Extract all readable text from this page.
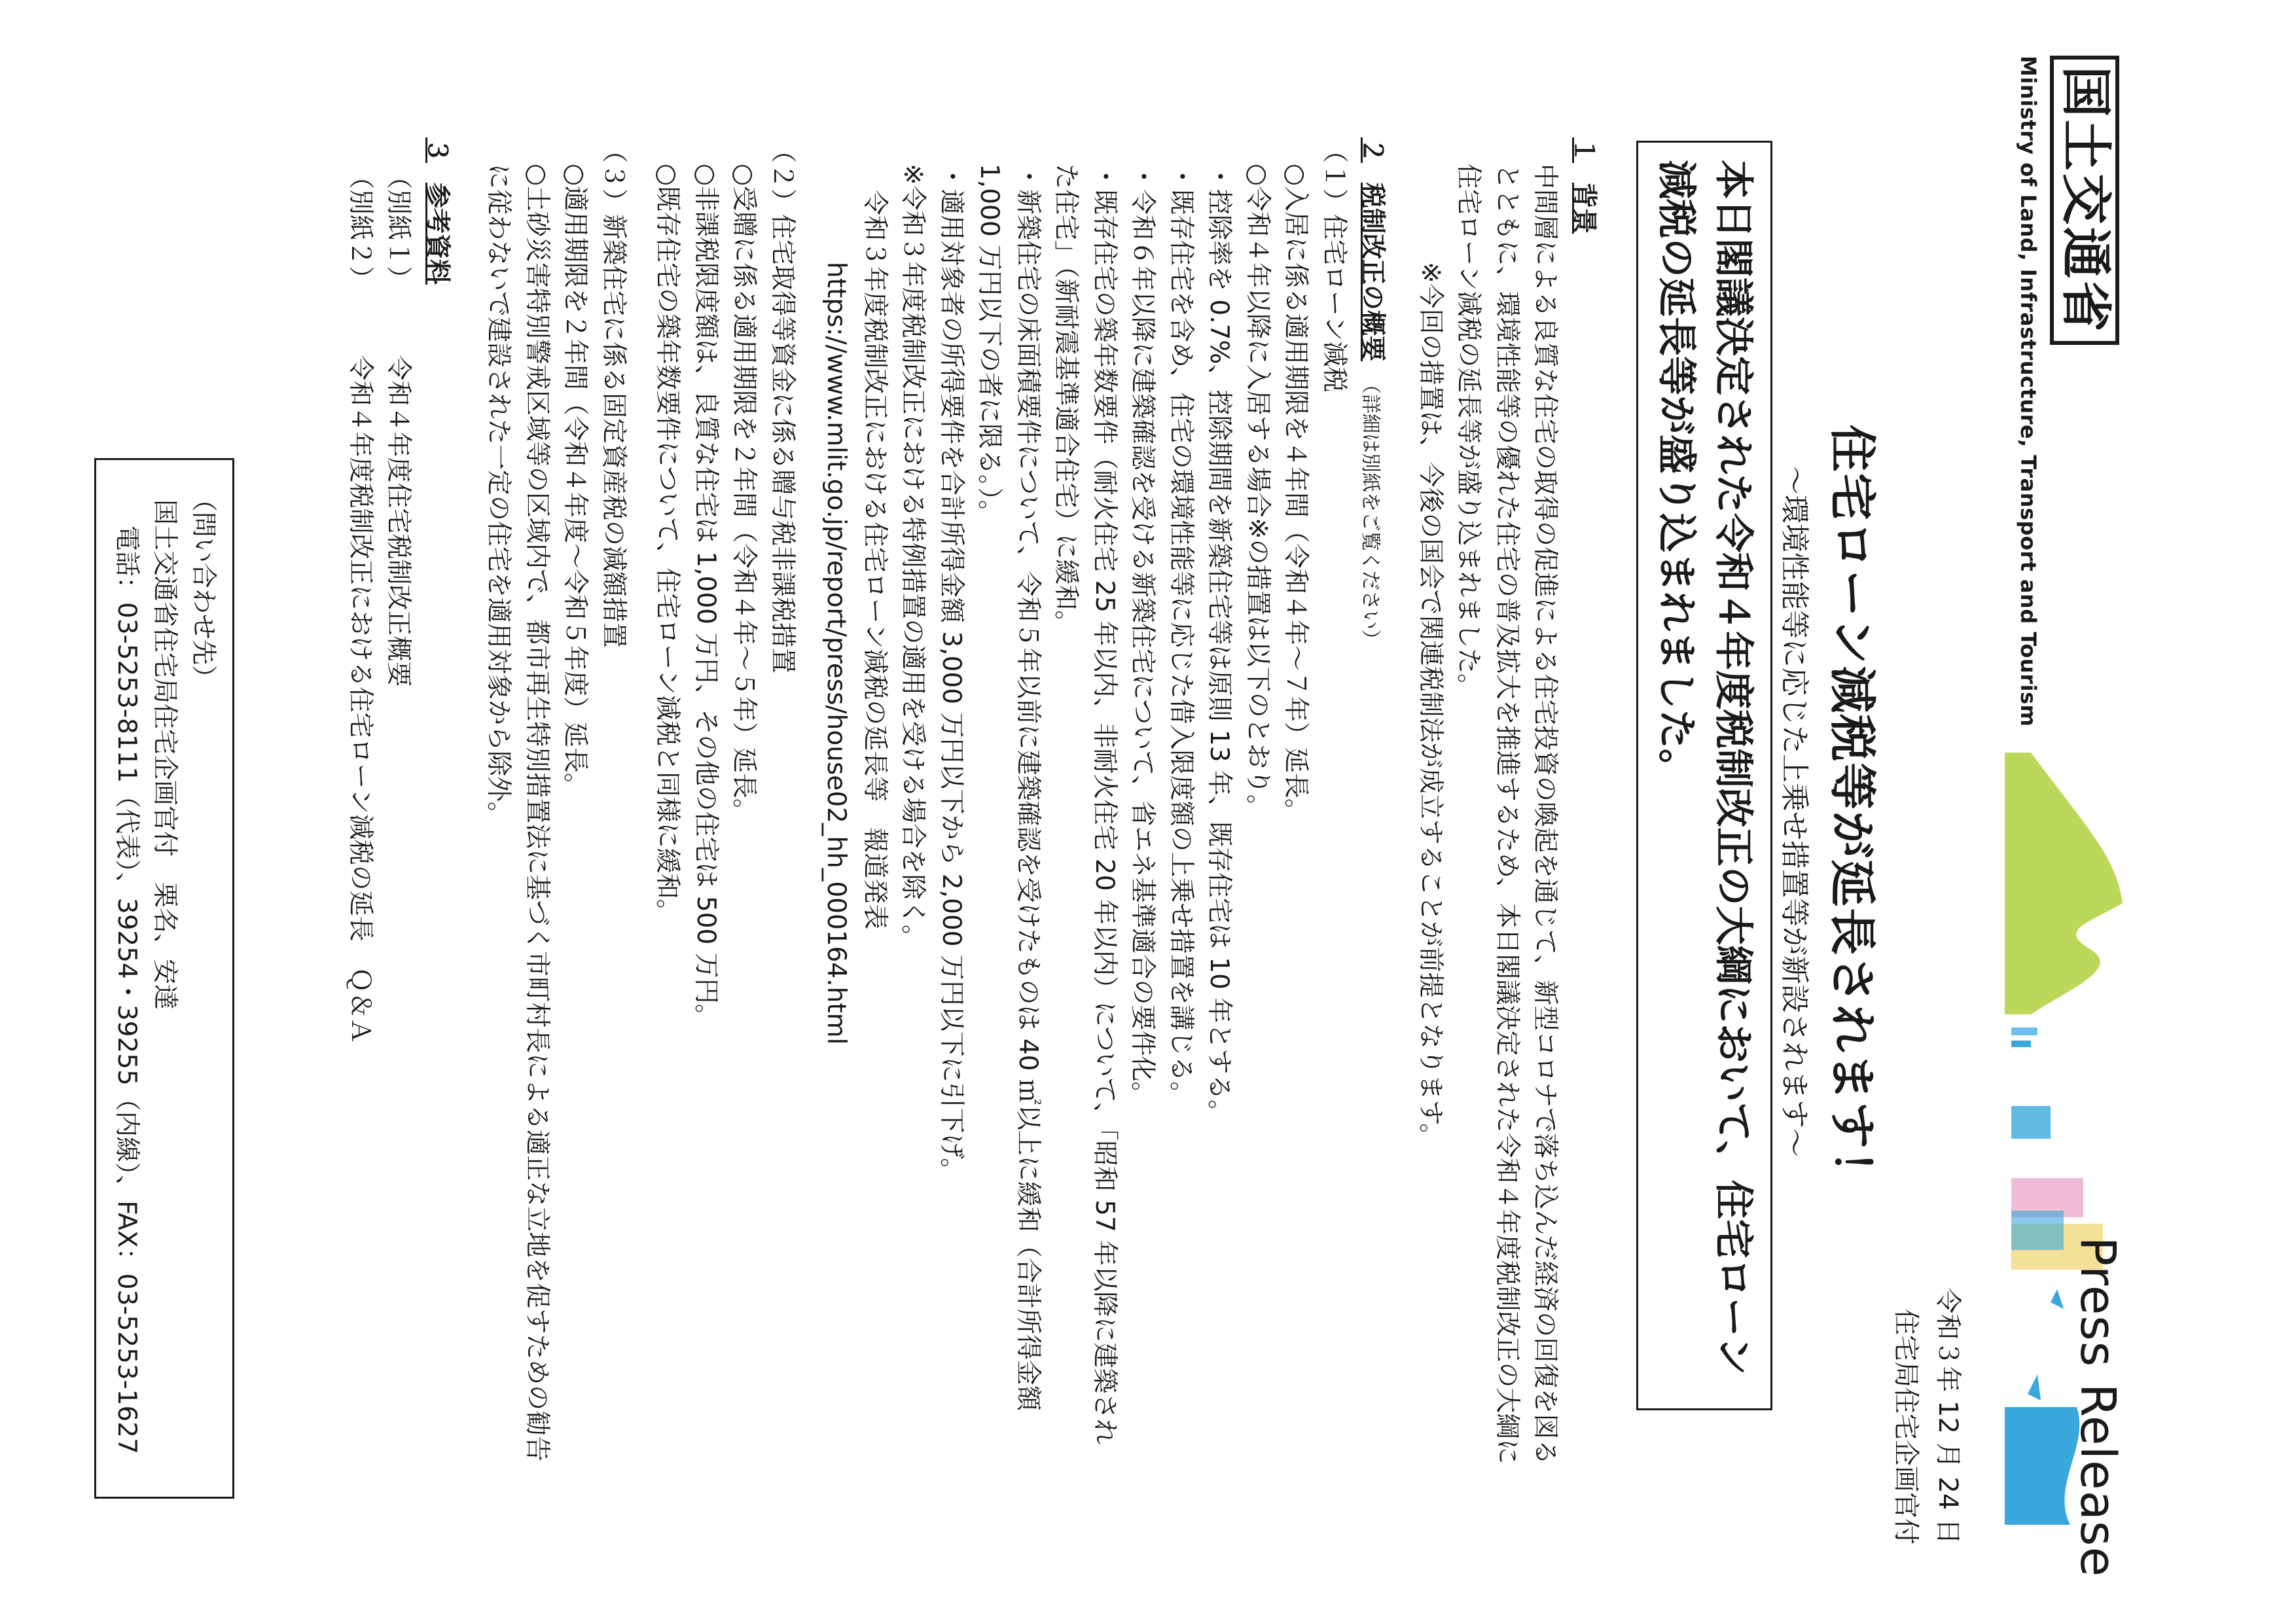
国土交通省
Ministry of Land, Infrastructure, Transport and Tourism
Press Release
令和３年 12 月 24 日
住宅局住宅企画官付
住宅ローン減税等が延長されます！
～環境性能等に応じた上乗せ措置等が新設されます～
本日閣議決定された令和４年度税制改正の大綱において、住宅ローン減税の延長等が盛り込まれました。
１背景

中間層による良質な住宅の取得の促進による住宅投資の喚起を通じて、新型コロナで落ち込んだ経済の回復を図るとともに、環境性能等の優れた住宅の普及拡大を推進するため、本日閣議決定された令和４年度税制改正の大綱に住宅ローン減税の延長等が盛り込まれました。

※今回の措置は、今後の国会で関連税制法が成立することが前提となります。

２税制改正の概要（詳細は別紙をご覧ください）

（１）住宅ローン減税

○入居に係る適用期限を４年間（令和４年～７年）延長。

○令和４年以降に入居する場合※の措置は以下のとおり。

・控除率を 0.7%、控除期間を新築住宅等は原則 13 年、既存住宅は 10 年とする。

・既存住宅を含め、住宅の環境性能等に応じた借入限度額の上乗せ措置を講じる。

・令和６年以降に建築確認を受ける新築住宅について、省エネ基準適合の要件化。

・既存住宅の築年数要件（耐火住宅 25 年以内、非耐火住宅 20 年以内）について、「昭和 57 年以降に建築された住宅」（新耐震基準適合住宅）に緩和。

・新築住宅の床面積要件について、令和５年以前に建築確認を受けたものは 40 ㎡以上に緩和（合計所得金額 1,000 万円以下の者に限る。）。

・適用対象者の所得要件を合計所得金額 3,000 万円以下から 2,000 万円以下に引下げ。

※令和３年度税制改正における特例措置の適用を受ける場合を除く。

令和３年度税制改正における住宅ローン減税の延長等　報道発表

https://www.mlit.go.jp/report/press/house02_hh_000164.html

（２）住宅取得等資金に係る贈与税非課税措置

○受贈に係る適用期限を２年間（令和４年～５年）延長。

○非課税限度額は、良質な住宅は 1,000 万円、その他の住宅は 500 万円。

○既存住宅の築年数要件について、住宅ローン減税と同様に緩和。

（３）新築住宅に係る固定資産税の減額措置

○適用期限を２年間（令和４年度～令和５年度）延長。

○土砂災害特別警戒区域等の区域内で、都市再生特別措置法に基づく市町村長による適正な立地を促すための勧告に従わないで建設された一定の住宅を適用対象から除外。

３参考資料

（別紙１）　　　令和４年度住宅税制改正概要

（別紙２）　　　令和４年度税制改正における住宅ローン減税の延長　Ｑ＆Ａ

（問い合わせ先）
国土交通省住宅局住宅企画官付　栗名、安達
電話：03-5253-8111（代表）、39254・39255（内線）、FAX：03-5253-1627
